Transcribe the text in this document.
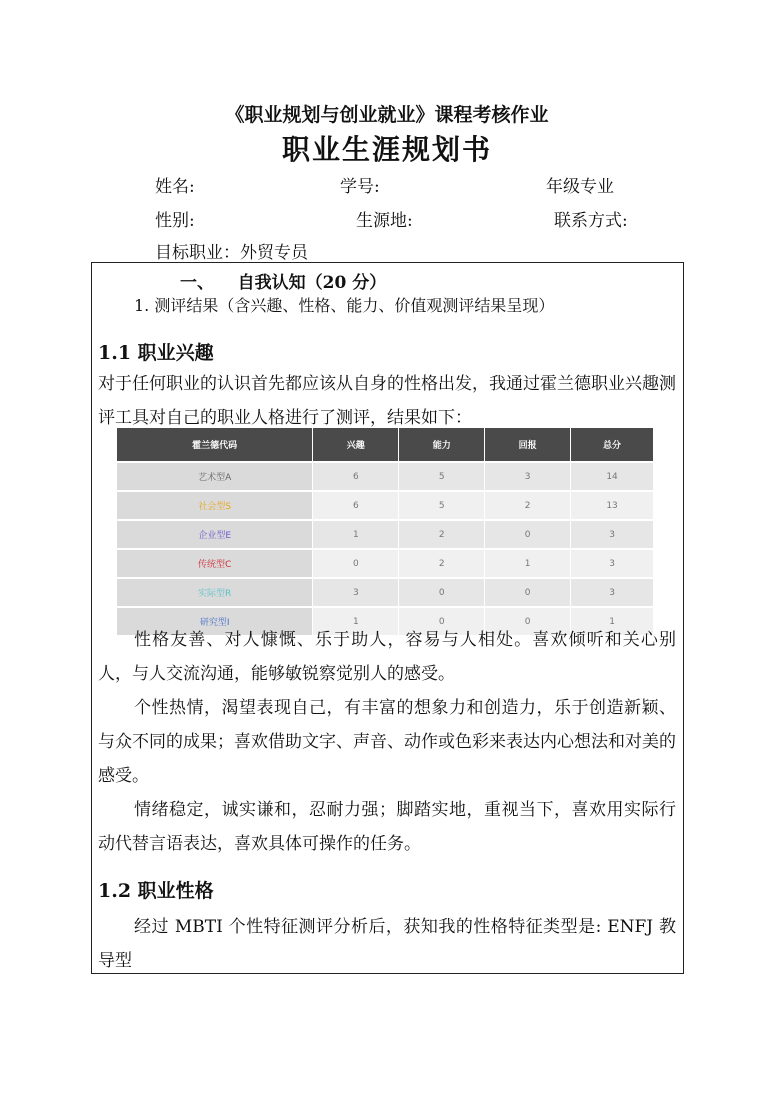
《职业规划与创业就业》课程考核作业
职业生涯规划书
姓名:	学号:	年级专业
性别:	生源地:	联系方式:
目标职业：外贸专员
一、    自我认知（20 分）
1. 测评结果（含兴趣、性格、能力、价值观测评结果呈现）
1.1 职业兴趣
对于任何职业的认识首先都应该从自身的性格出发，我通过霍兰德职业兴趣测评工具对自己的职业人格进行了测评，结果如下：
霍兰德代码	兴趣	能力	回报	总分
艺术型A	6	5	3	14
社会型S	6	5	2	13
企业型E	1	2	0	3
传统型C	0	2	1	3
实际型R	3	0	0	3
研究型I	1	0	0	1
性格友善、对人慷慨、乐于助人，容易与人相处。喜欢倾听和关心别人，与人交流沟通，能够敏锐察觉别人的感受。
个性热情，渴望表现自己，有丰富的想象力和创造力，乐于创造新颖、与众不同的成果；喜欢借助文字、声音、动作或色彩来表达内心想法和对美的感受。
情绪稳定，诚实谦和，忍耐力强；脚踏实地，重视当下，喜欢用实际行动代替言语表达，喜欢具体可操作的任务。
1.2 职业性格
经过 MBTI 个性特征测评分析后，获知我的性格特征类型是: ENFJ 教导型
